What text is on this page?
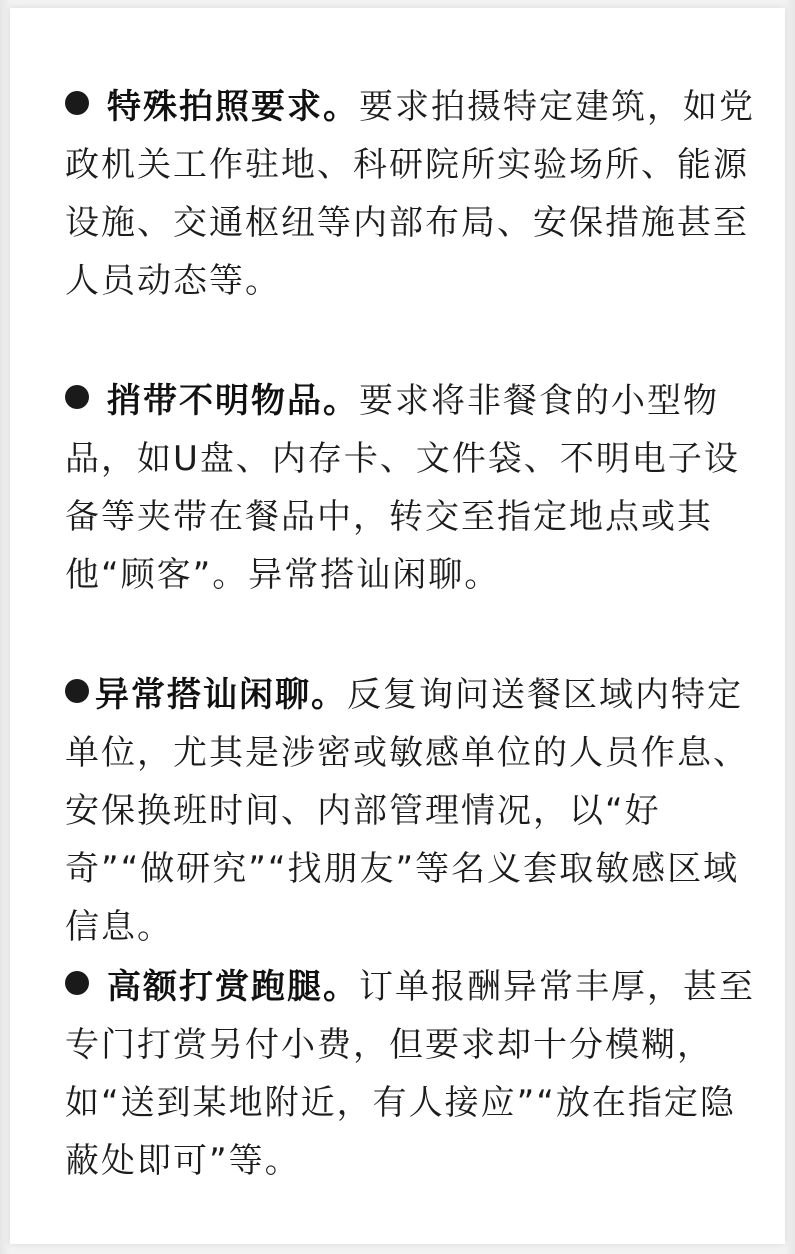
特殊拍照要求。要求拍摄特定建筑，如党政机关工作驻地、科研院所实验场所、能源设施、交通枢纽等内部布局、安保措施甚至人员动态等。
捎带不明物品。要求将非餐食的小型物品，如U盘、内存卡、文件袋、不明电子设备等夹带在餐品中，转交至指定地点或其他“顾客”。异常搭讪闲聊。
异常搭讪闲聊。反复询问送餐区域内特定单位，尤其是涉密或敏感单位的人员作息、安保换班时间、内部管理情况，以“好奇”“做研究”“找朋友”等名义套取敏感区域信息。
高额打赏跑腿。订单报酬异常丰厚，甚至专门打赏另付小费，但要求却十分模糊，如“送到某地附近，有人接应”“放在指定隐蔽处即可”等。
